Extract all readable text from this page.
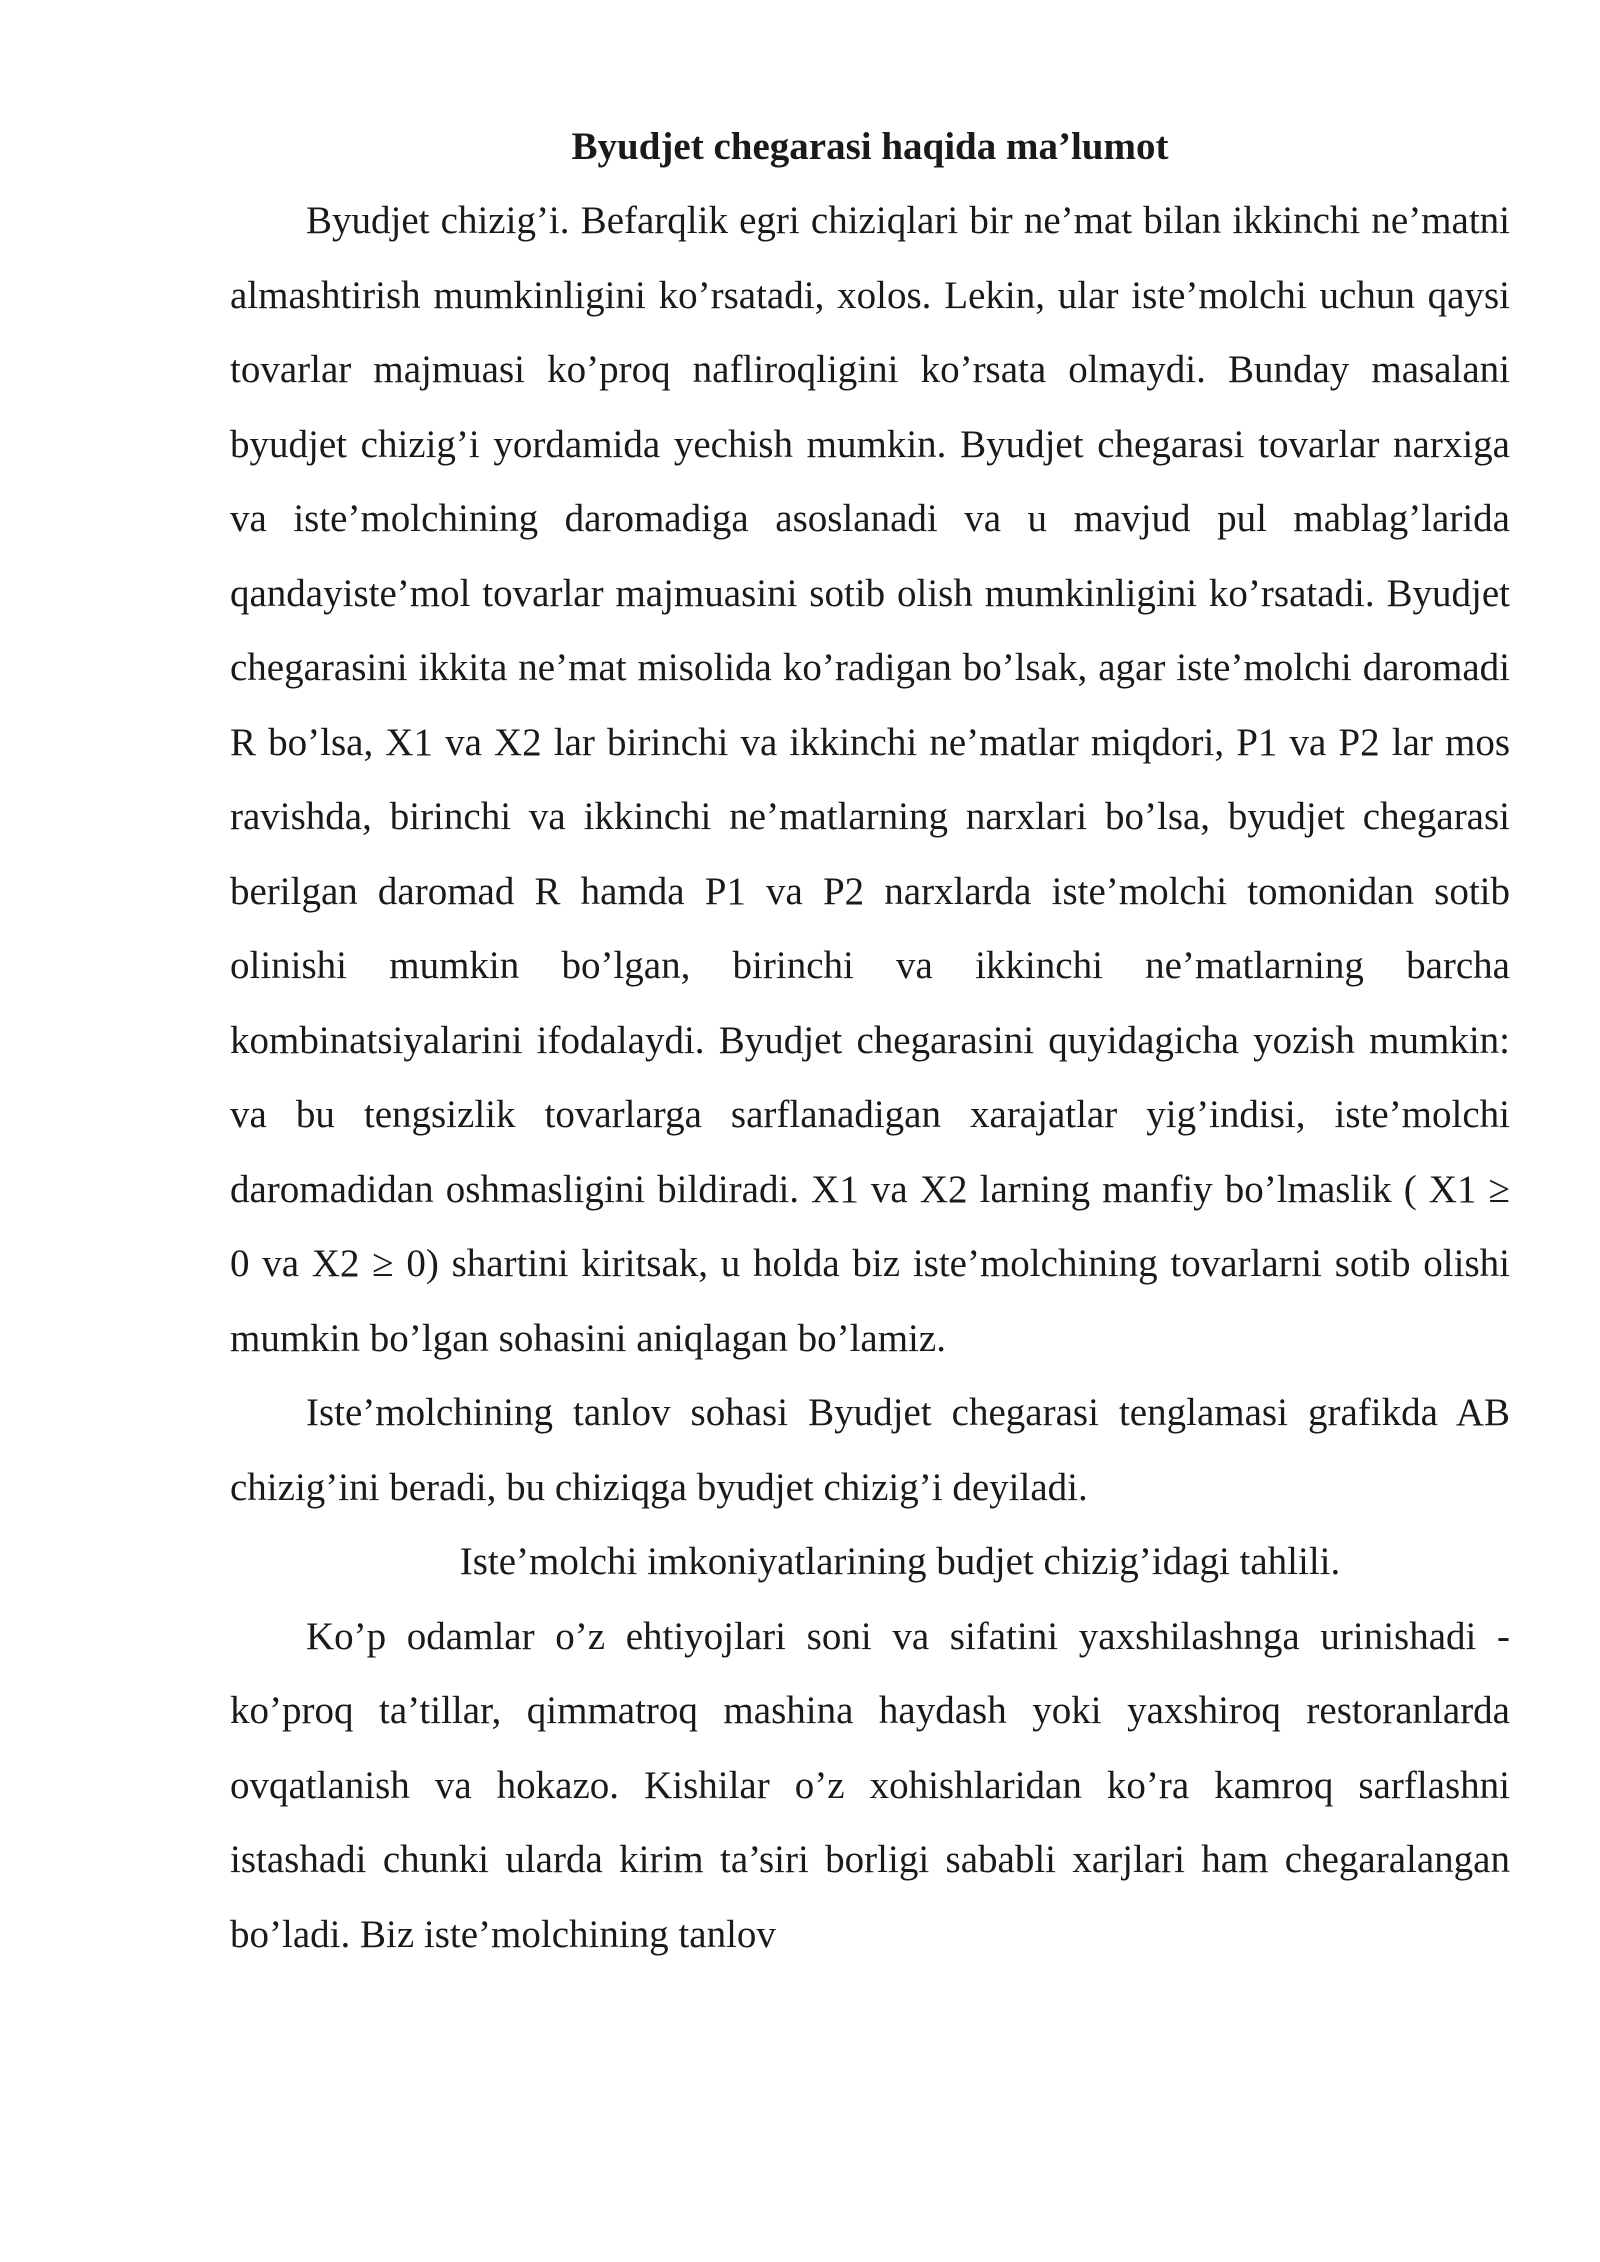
Byudjet chegarasi haqida ma’lumot

Byudjet chizig’i. Befarqlik egri chiziqlari bir ne’mat bilan ikkinchi ne’matni almashtirish mumkinligini ko’rsatadi, xolos. Lekin, ular iste’molchi uchun qaysi tovarlar majmuasi ko’proq nafliroqligini ko’rsata olmaydi. Bunday masalani byudjet chizig’i yordamida yechish mumkin. Byudjet chegarasi tovarlar narxiga va iste’molchining daromadiga asoslanadi va u mavjud pul mablag’larida qandayiste’mol tovarlar majmuasini sotib olish mumkinligini ko’rsatadi. Byudjet chegarasini ikkita ne’mat misolida ko’radigan bo’lsak, agar iste’molchi daromadi R bo’lsa, X1 va X2 lar birinchi va ikkinchi ne’matlar miqdori, P1 va P2 lar mos ravishda, birinchi va ikkinchi ne’matlarning narxlari bo’lsa, byudjet chegarasi berilgan daromad R hamda P1 va P2 narxlarda iste’molchi tomonidan sotib olinishi mumkin bo’lgan, birinchi va ikkinchi ne’matlarning barcha kombinatsiyalarini ifodalaydi. Byudjet chegarasini quyidagicha yozish mumkin: va bu tengsizlik tovarlarga sarflanadigan xarajatlar yig’indisi, iste’molchi daromadidan oshmasligini bildiradi. X1 va X2 larning manfiy bo’lmaslik ( X1 ≥ 0 va X2 ≥ 0) shartini kiritsak, u holda biz iste’molchining tovarlarni sotib olishi mumkin bo’lgan sohasini aniqlagan bo’lamiz.

Iste’molchining tanlov sohasi Byudjet chegarasi tenglamasi grafikda AB chizig’ini beradi, bu chiziqga byudjet chizig’i deyiladi.

Iste’molchi imkoniyatlarining budjet chizig’idagi tahlili.

Ko’p odamlar o’z ehtiyojlari soni va sifatini yaxshilashnga urinishadi - ko’proq ta’tillar, qimmatroq mashina haydash yoki yaxshiroq restoranlarda ovqatlanish va hokazo. Kishilar o’z xohishlaridan ko’ra kamroq sarflashni istashadi chunki ularda kirim ta’siri borligi sababli xarjlari ham chegaralangan bo’ladi. Biz iste’molchining tanlov
